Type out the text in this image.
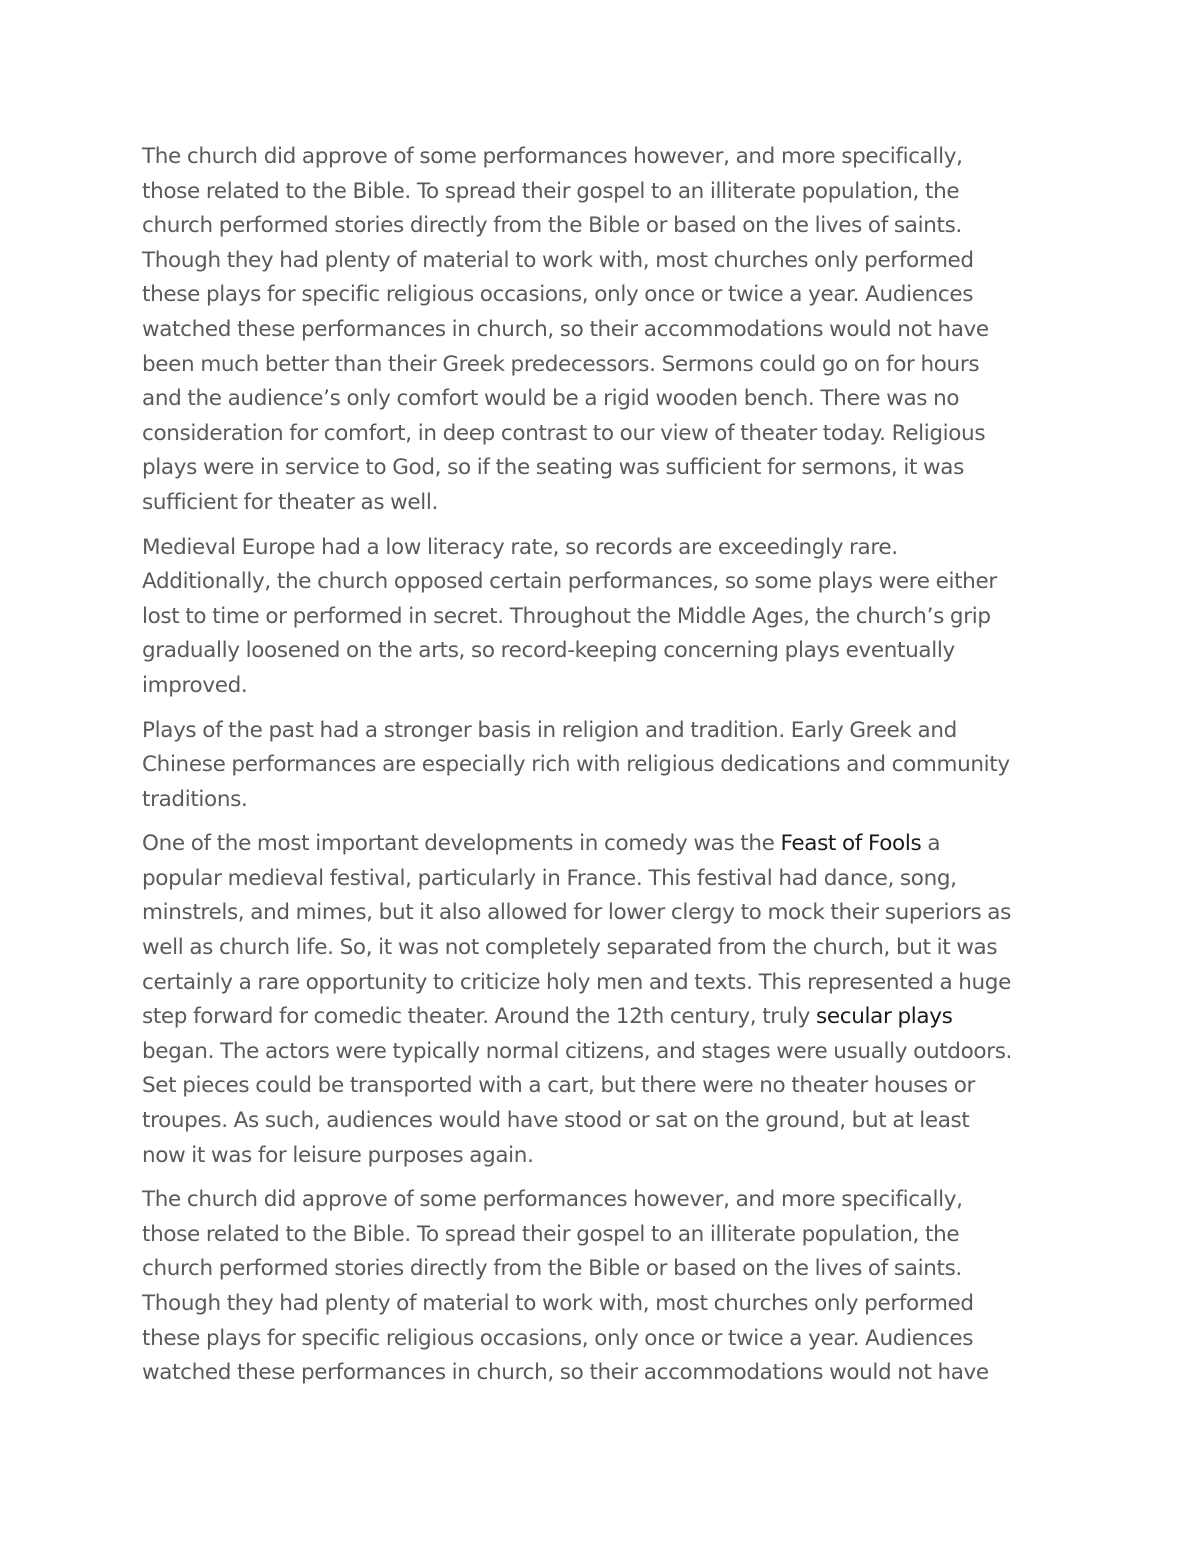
The church did approve of some performances however, and more specifically,
those related to the Bible. To spread their gospel to an illiterate population, the
church performed stories directly from the Bible or based on the lives of saints.
Though they had plenty of material to work with, most churches only performed
these plays for specific religious occasions, only once or twice a year. Audiences
watched these performances in church, so their accommodations would not have
been much better than their Greek predecessors. Sermons could go on for hours
and the audience’s only comfort would be a rigid wooden bench. There was no
consideration for comfort, in deep contrast to our view of theater today. Religious
plays were in service to God, so if the seating was sufficient for sermons, it was
sufficient for theater as well.

Medieval Europe had a low literacy rate, so records are exceedingly rare.
Additionally, the church opposed certain performances, so some plays were either
lost to time or performed in secret. Throughout the Middle Ages, the church’s grip
gradually loosened on the arts, so record-keeping concerning plays eventually
improved.

Plays of the past had a stronger basis in religion and tradition. Early Greek and
Chinese performances are especially rich with religious dedications and community
traditions.

One of the most important developments in comedy was the Feast of Fools a
popular medieval festival, particularly in France. This festival had dance, song,
minstrels, and mimes, but it also allowed for lower clergy to mock their superiors as
well as church life. So, it was not completely separated from the church, but it was
certainly a rare opportunity to criticize holy men and texts. This represented a huge
step forward for comedic theater. Around the 12th century, truly secular plays
began. The actors were typically normal citizens, and stages were usually outdoors.
Set pieces could be transported with a cart, but there were no theater houses or
troupes. As such, audiences would have stood or sat on the ground, but at least
now it was for leisure purposes again.

The church did approve of some performances however, and more specifically,
those related to the Bible. To spread their gospel to an illiterate population, the
church performed stories directly from the Bible or based on the lives of saints.
Though they had plenty of material to work with, most churches only performed
these plays for specific religious occasions, only once or twice a year. Audiences
watched these performances in church, so their accommodations would not have
